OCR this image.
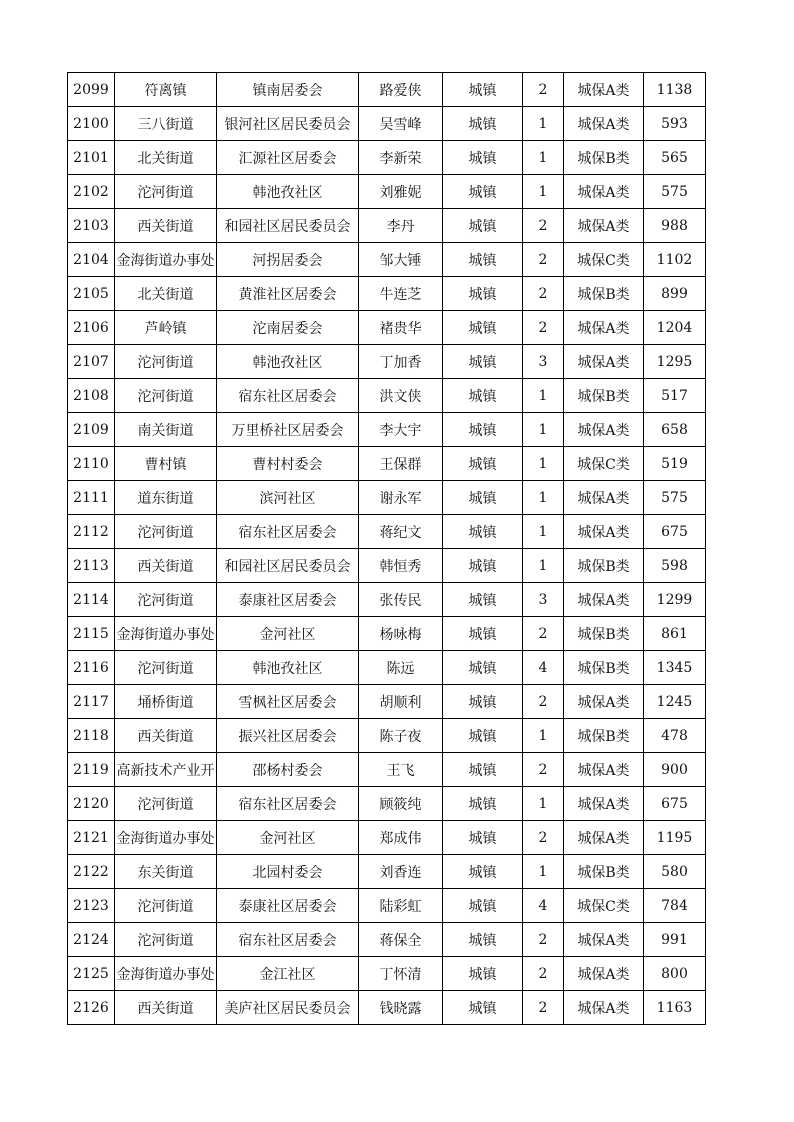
2099	符离镇	镇南居委会	路爱侠	城镇	2	城保A类	1138
2100	三八街道	银河社区居民委员会	吴雪峰	城镇	1	城保A类	593
2101	北关街道	汇源社区居委会	李新荣	城镇	1	城保B类	565
2102	沱河街道	韩池孜社区	刘雅妮	城镇	1	城保A类	575
2103	西关街道	和园社区居民委员会	李丹	城镇	2	城保A类	988
2104	金海街道办事处	河拐居委会	邹大锤	城镇	2	城保C类	1102
2105	北关街道	黄淮社区居委会	牛连芝	城镇	2	城保B类	899
2106	芦岭镇	沱南居委会	褚贵华	城镇	2	城保A类	1204
2107	沱河街道	韩池孜社区	丁加香	城镇	3	城保A类	1295
2108	沱河街道	宿东社区居委会	洪文侠	城镇	1	城保B类	517
2109	南关街道	万里桥社区居委会	李大宇	城镇	1	城保A类	658
2110	曹村镇	曹村村委会	王保群	城镇	1	城保C类	519
2111	道东街道	滨河社区	谢永军	城镇	1	城保A类	575
2112	沱河街道	宿东社区居委会	蒋纪文	城镇	1	城保A类	675
2113	西关街道	和园社区居民委员会	韩恒秀	城镇	1	城保B类	598
2114	沱河街道	泰康社区居委会	张传民	城镇	3	城保A类	1299
2115	金海街道办事处	金河社区	杨咏梅	城镇	2	城保B类	861
2116	沱河街道	韩池孜社区	陈远	城镇	4	城保B类	1345
2117	埇桥街道	雪枫社区居委会	胡顺利	城镇	2	城保A类	1245
2118	西关街道	振兴社区居委会	陈子夜	城镇	1	城保B类	478
2119	高新技术产业开	邵杨村委会	王飞	城镇	2	城保A类	900
2120	沱河街道	宿东社区居委会	顾筱纯	城镇	1	城保A类	675
2121	金海街道办事处	金河社区	郑成伟	城镇	2	城保A类	1195
2122	东关街道	北园村委会	刘香连	城镇	1	城保B类	580
2123	沱河街道	泰康社区居委会	陆彩虹	城镇	4	城保C类	784
2124	沱河街道	宿东社区居委会	蒋保全	城镇	2	城保A类	991
2125	金海街道办事处	金江社区	丁怀清	城镇	2	城保A类	800
2126	西关街道	美庐社区居民委员会	钱晓露	城镇	2	城保A类	1163
